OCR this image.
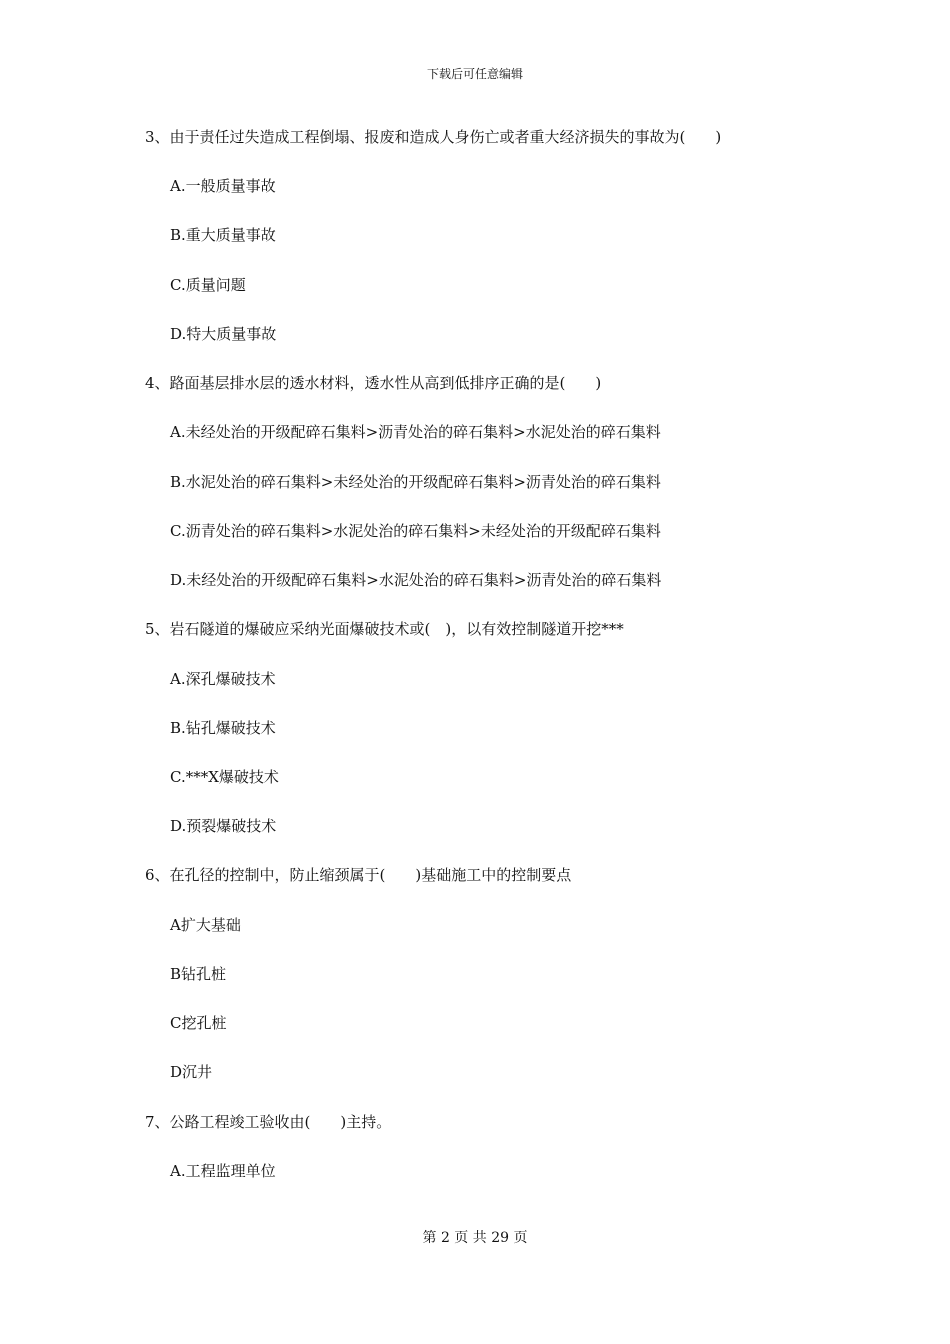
下载后可任意编辑
3、由于责任过失造成工程倒塌、报废和造成人身伤亡或者重大经济损失的事故为(　　)
A.一般质量事故
B.重大质量事故
C.质量问题
D.特大质量事故
4、路面基层排水层的透水材料，透水性从高到低排序正确的是(　　)
A.未经处治的开级配碎石集料>沥青处治的碎石集料>水泥处治的碎石集料
B.水泥处治的碎石集料>未经处治的开级配碎石集料>沥青处治的碎石集料
C.沥青处治的碎石集料>水泥处治的碎石集料>未经处治的开级配碎石集料
D.未经处治的开级配碎石集料>水泥处治的碎石集料>沥青处治的碎石集料
5、岩石隧道的爆破应采纳光面爆破技术或(　)，以有效控制隧道开挖***
A.深孔爆破技术
B.钻孔爆破技术
C.***X爆破技术
D.预裂爆破技术
6、在孔径的控制中，防止缩颈属于(　　)基础施工中的控制要点
A扩大基础
B钻孔桩
C挖孔桩
D沉井
7、公路工程竣工验收由(　　)主持。
A.工程监理单位
第 2 页 共 29 页
